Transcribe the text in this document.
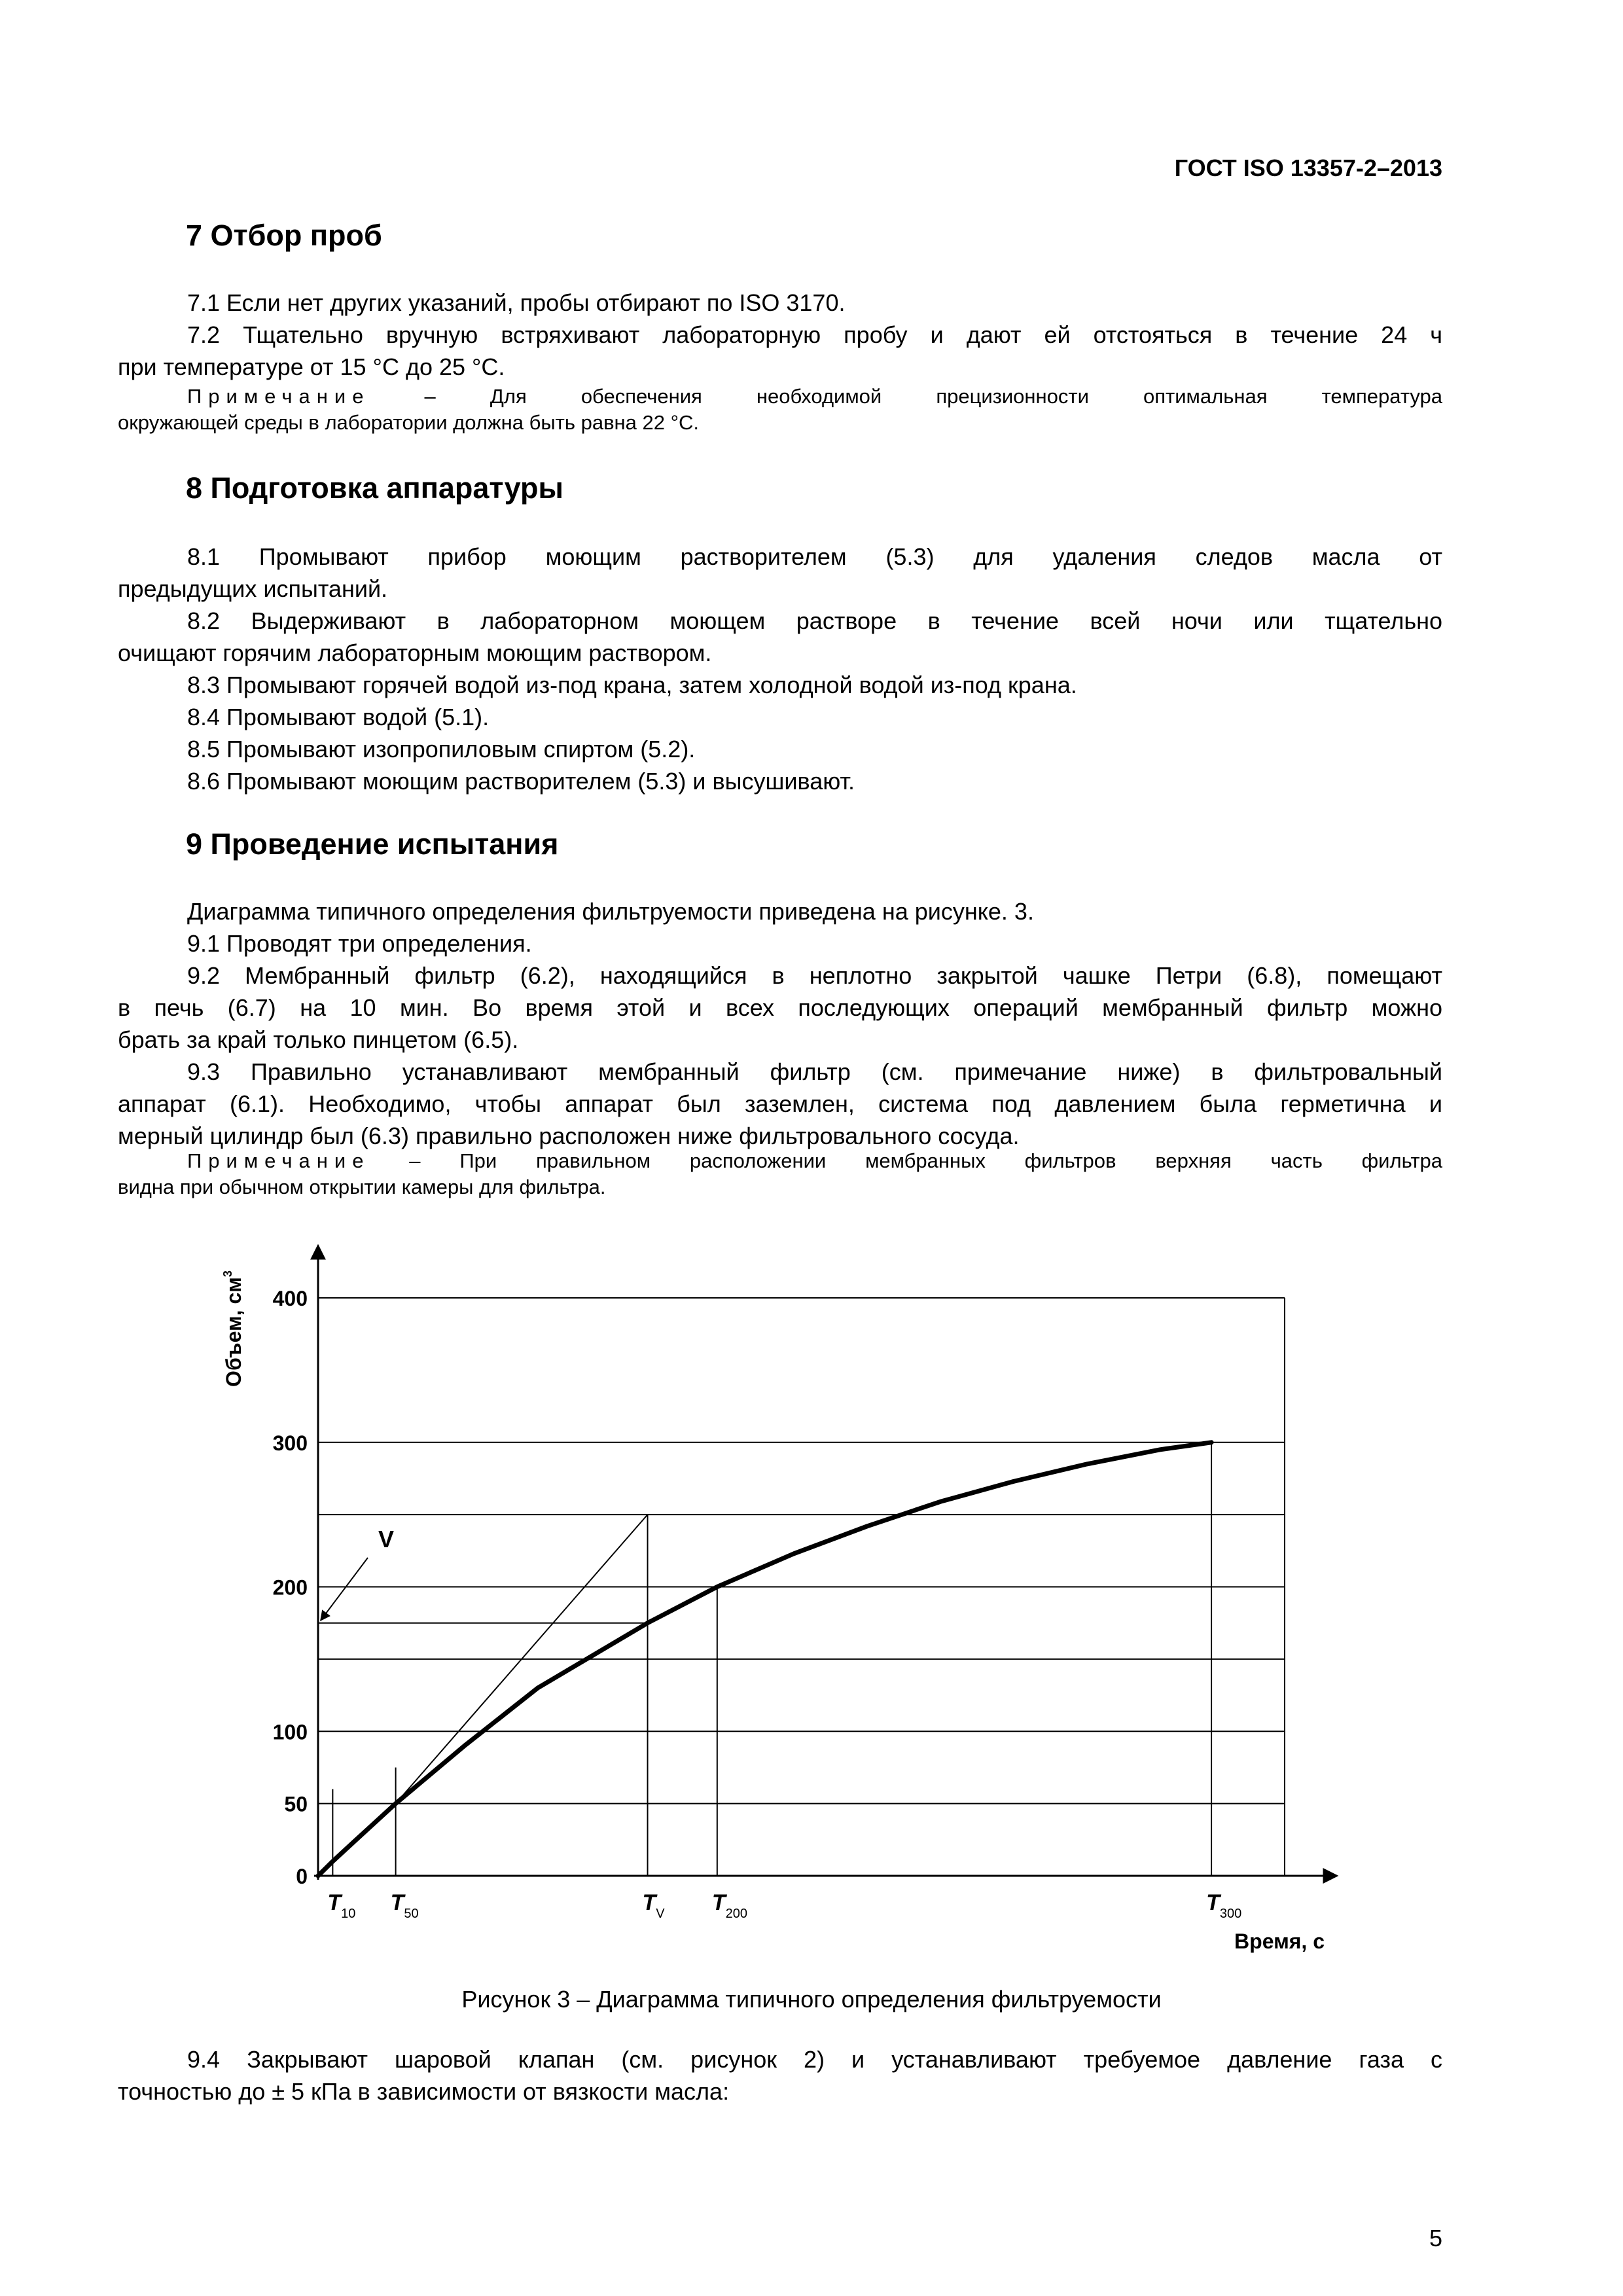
ГОСТ ISO 13357-2–2013
7 Отбор проб
7.1 Если нет других указаний, пробы отбирают по ISO 3170.
7.2 Тщательно вручную встряхивают лабораторную пробу и дают ей отстояться в течение 24 ч
при температуре от 15 °С до 25 °С.
Примечание – Для обеспечения необходимой прецизионности оптимальная температура
окружающей среды в лаборатории должна быть равна 22 °С.
8 Подготовка аппаратуры
8.1 Промывают прибор моющим растворителем (5.3) для удаления следов масла от
предыдущих испытаний.
8.2 Выдерживают в лабораторном моющем растворе в течение всей ночи или тщательно
очищают горячим лабораторным моющим раствором.
8.3 Промывают горячей водой из-под крана, затем холодной водой из-под крана.
8.4 Промывают водой (5.1).
8.5 Промывают изопропиловым спиртом (5.2).
8.6 Промывают моющим растворителем (5.3) и высушивают.
9 Проведение испытания
Диаграмма типичного определения фильтруемости приведена на рисунке. 3.
9.1 Проводят три определения.
9.2 Мембранный фильтр (6.2), находящийся в неплотно закрытой чашке Петри (6.8), помещают
в печь (6.7) на 10 мин. Во время этой и всех последующих операций мембранный фильтр можно
брать за край только пинцетом (6.5).
9.3 Правильно устанавливают мембранный фильтр (см. примечание ниже) в фильтровальный
аппарат (6.1). Необходимо, чтобы аппарат был заземлен, система под давлением была герметична и
мерный цилиндр был (6.3) правильно расположен ниже фильтровального сосуда.
Примечание – При правильном расположении мембранных фильтров верхняя часть фильтра
видна при обычном открытии камеры для фильтра.
0
50
100
200
300
400
Объем, $см^3$
$T_{10}$ $T_{50}$	$T_V$ $T_{200}$	$T_{300}$
Время, с
V
Рисунок 3 – Диаграмма типичного определения фильтруемости
9.4 Закрывают шаровой клапан (см. рисунок 2) и устанавливают требуемое давление газа с
точностью до ± 5 кПа в зависимости от вязкости масла:
5
